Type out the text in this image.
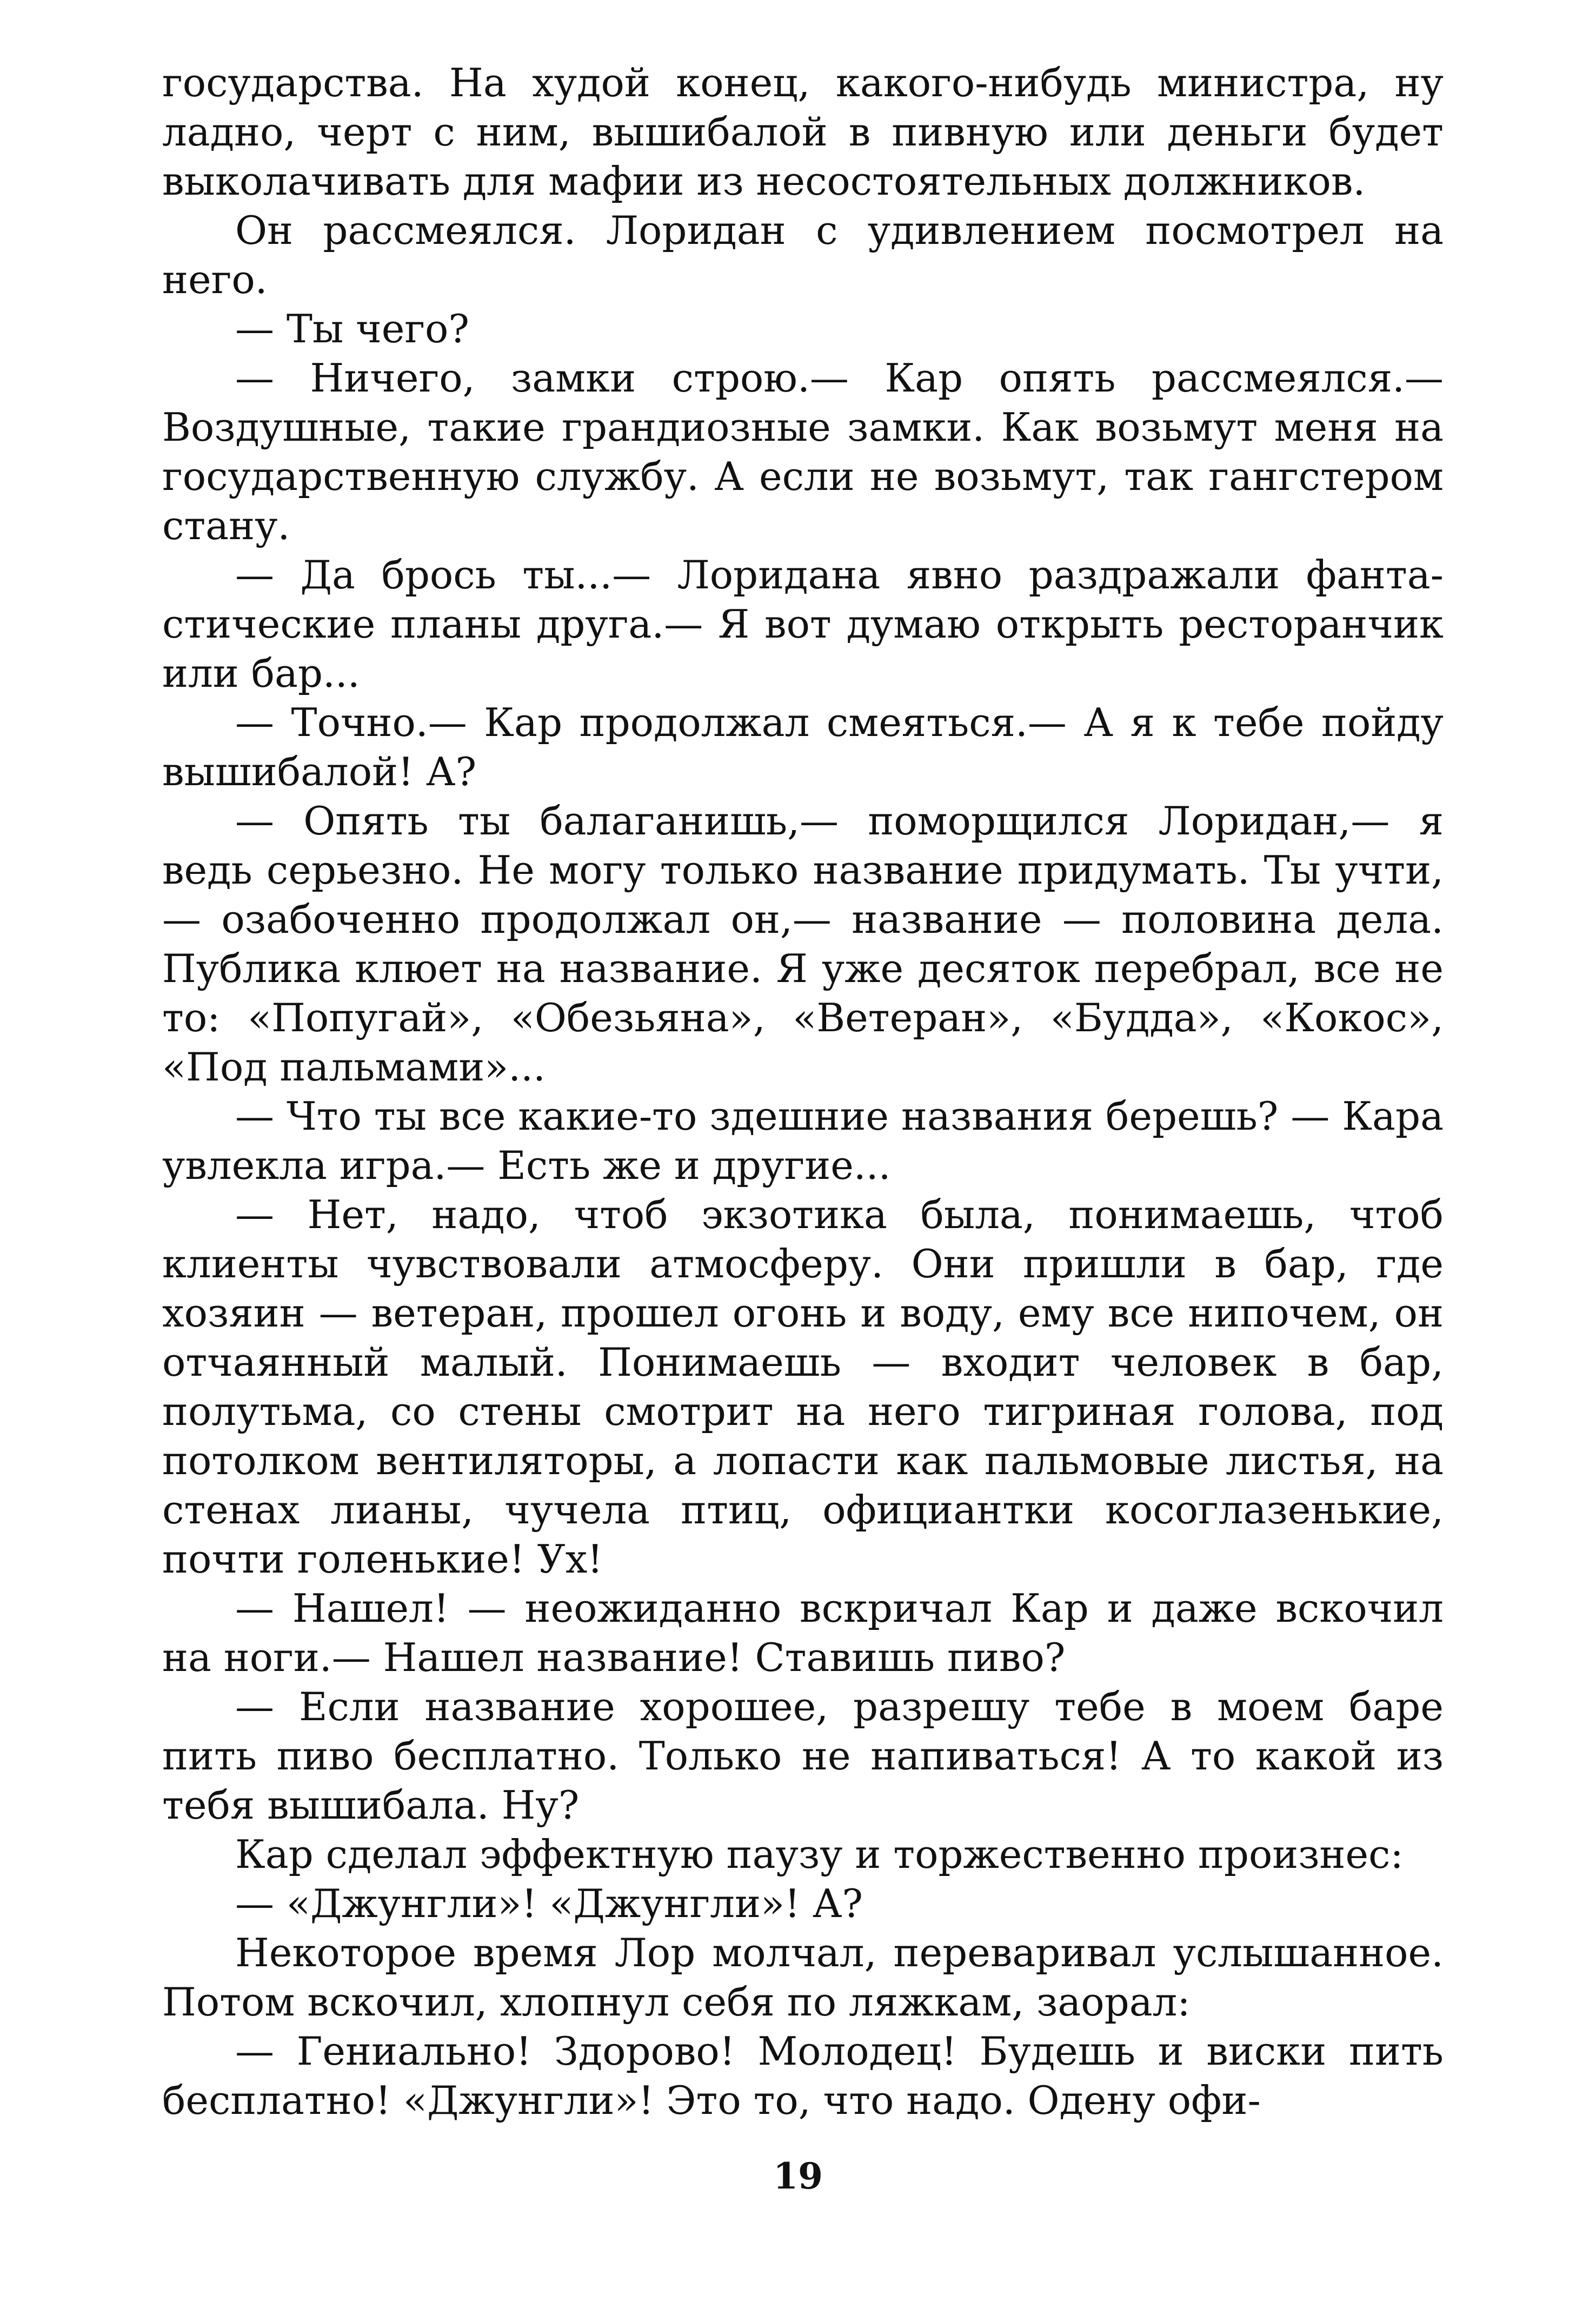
государства. На худой конец, какого-нибудь министра, ну ладно, черт с ним, вышибалой в пивную или деньги будет выколачивать для мафии из несостоятельных должников.

Он рассмеялся. Лоридан с удивлением посмотрел на него.

— Ты чего?

— Ничего, замки строю.— Кар опять рассмеялся.— Воздушные, такие грандиозные замки. Как возьмут меня на государственную службу. А если не возьмут, так гангстером стану.

— Да брось ты...— Лоридана явно раздражали фантастические планы друга.— Я вот думаю открыть ресторанчик или бар...

— Точно.— Кар продолжал смеяться.— А я к тебе пойду вышибалой! А?

— Опять ты балаганишь,— поморщился Лоридан,— я ведь серьезно. Не могу только название придумать. Ты учти,— озабоченно продолжал он,— название — половина дела. Публика клюет на название. Я уже десяток перебрал, все не то: «Попугай», «Обезьяна», «Ветеран», «Будда», «Кокос», «Под пальмами»...

— Что ты все какие-то здешние названия берешь? — Кара увлекла игра.— Есть же и другие...

— Нет, надо, чтоб экзотика была, понимаешь, чтоб клиенты чувствовали атмосферу. Они пришли в бар, где хозяин — ветеран, прошел огонь и воду, ему все нипочем, он отчаянный малый. Понимаешь — входит человек в бар, полутьма, со стены смотрит на него тигриная голова, под потолком вентиляторы, а лопасти как пальмовые листья, на стенах лианы, чучела птиц, официантки косоглазенькие, почти голенькие! Ух!

— Нашел! — неожиданно вскричал Кар и даже вскочил на ноги.— Нашел название! Ставишь пиво?

— Если название хорошее, разрешу тебе в моем баре пить пиво бесплатно. Только не напиваться! А то какой из тебя вышибала. Ну?

Кар сделал эффектную паузу и торжественно произнес:

— «Джунгли»! «Джунгли»! А?

Некоторое время Лор молчал, переваривал услышанное. Потом вскочил, хлопнул себя по ляжкам, заорал:

— Гениально! Здорово! Молодец! Будешь и виски пить бесплатно! «Джунгли»! Это то, что надо. Одену офи-

19
